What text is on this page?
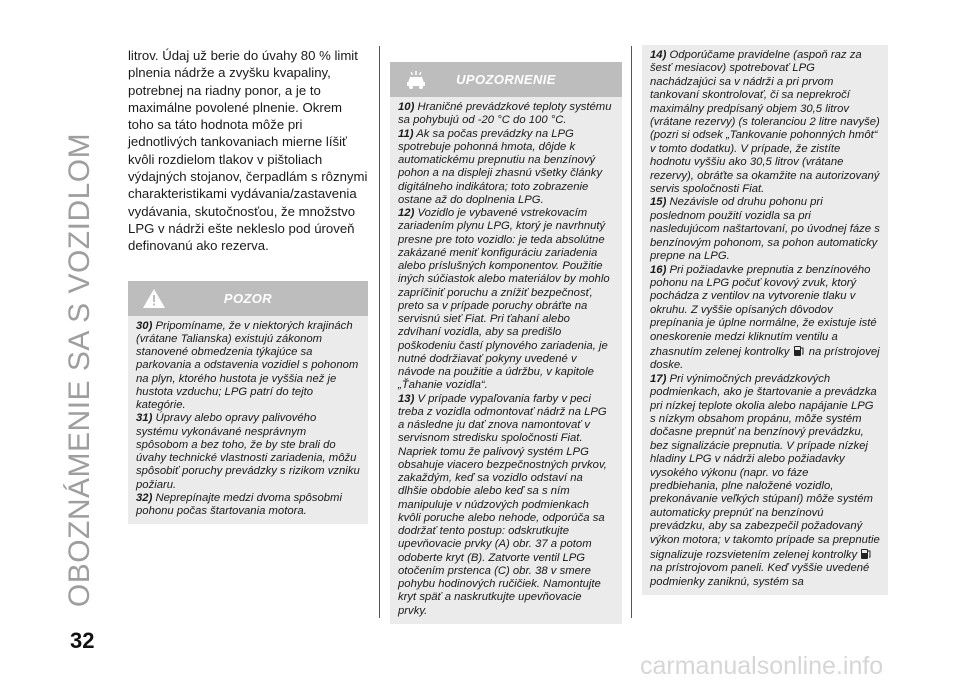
OBOZNÁMENIE SA S VOZIDLOM

litrov. Údaj už berie do úvahy 80 % limit plnenia nádrže a zvyšku kvapaliny, potrebnej na riadny ponor, a je to maximálne povolené plnenie. Okrem toho sa táto hodnota môže pri jednotlivých tankovaniach mierne líšiť kvôli rozdielom tlakov v pištoliach výdajných stojanov, čerpadlám s rôznymi charakteristikami vydávania/zastavenia vydávania, skutočnosťou, že množstvo LPG v nádrži ešte nekleslo pod úroveň definovanú ako rezerva.

POZOR

30) Pripomíname, že v niektorých krajinách (vrátane Talianska) existujú zákonom stanovené obmedzenia týkajúce sa parkovania a odstavenia vozidiel s pohonom na plyn, ktorého hustota je vyššia než je hustota vzduchu; LPG patrí do tejto kategórie.

31) Úpravy alebo opravy palivového systému vykonávané nesprávnym spôsobom a bez toho, že by ste brali do úvahy technické vlastnosti zariadenia, môžu spôsobiť poruchy prevádzky s rizikom vzniku požiaru.

32) Neprepínajte medzi dvoma spôsobmi pohonu počas štartovania motora.

UPOZORNENIE

10) Hraničné prevádzkové teploty systému sa pohybujú od -20 °C do 100 °C.

11) Ak sa počas prevádzky na LPG spotrebuje pohonná hmota, dôjde k automatickému prepnutiu na benzínový pohon a na displeji zhasnú všetky články digitálneho indikátora; toto zobrazenie ostane až do doplnenia LPG.

12) Vozidlo je vybavené vstrekovacím zariadením plynu LPG, ktorý je navrhnutý presne pre toto vozidlo: je teda absolútne zakázané meniť konfiguráciu zariadenia alebo príslušných komponentov. Použitie iných súčiastok alebo materiálov by mohlo zapríčiniť poruchu a znížiť bezpečnosť, preto sa v prípade poruchy obráťte na servisnú sieť Fiat. Pri ťahaní alebo zdvíhaní vozidla, aby sa predišlo poškodeniu častí plynového zariadenia, je nutné dodržiavať pokyny uvedené v návode na použitie a údržbu, v kapitole „Ťahanie vozidla“.

13) V prípade vypaľovania farby v peci treba z vozidla odmontovať nádrž na LPG a následne ju dať znova namontovať v servisnom stredisku spoločnosti Fiat. Napriek tomu že palivový systém LPG obsahuje viacero bezpečnostných prvkov, zakaždým, keď sa vozidlo odstaví na dlhšie obdobie alebo keď sa s ním manipuluje v núdzových podmienkach kvôli poruche alebo nehode, odporúča sa dodržať tento postup: odskrutkujte upevňovacie prvky (A) obr. 37 a potom odoberte kryt (B). Zatvorte ventil LPG otočením prstenca (C) obr. 38 v smere pohybu hodinových ručičiek. Namontujte kryt späť a naskrutkujte upevňovacie prvky.

14) Odporúčame pravidelne (aspoň raz za šesť mesiacov) spotrebovať LPG nachádzajúci sa v nádrži a pri prvom tankovaní skontrolovať, či sa neprekročí maximálny predpísaný objem 30,5 litrov (vrátane rezervy) (s toleranciou 2 litre navyše) (pozri si odsek „Tankovanie pohonných hmôt“ v tomto dodatku). V prípade, že zistíte hodnotu vyššiu ako 30,5 litrov (vrátane rezervy), obráťte sa okamžite na autorizovaný servis spoločnosti Fiat.

15) Nezávisle od druhu pohonu pri poslednom použití vozidla sa pri nasledujúcom naštartovaní, po úvodnej fáze s benzínovým pohonom, sa pohon automaticky prepne na LPG.

16) Pri požiadavke prepnutia z benzínového pohonu na LPG počuť kovový zvuk, ktorý pochádza z ventilov na vytvorenie tlaku v okruhu. Z vyššie opísaných dôvodov prepínania je úplne normálne, že existuje isté oneskorenie medzi kliknutím ventilu a zhasnutím zelenej kontrolky na prístrojovej doske.

17) Pri výnimočných prevádzkových podmienkach, ako je štartovanie a prevádzka pri nízkej teplote okolia alebo napájanie LPG s nízkym obsahom propánu, môže systém dočasne prepnúť na benzínový prevádzku, bez signalizácie prepnutia. V prípade nízkej hladiny LPG v nádrži alebo požiadavky vysokého výkonu (napr. vo fáze predbiehania, plne naložené vozidlo, prekonávanie veľkých stúpaní) môže systém automaticky prepnúť na benzínovú prevádzku, aby sa zabezpečil požadovaný výkon motora; v takomto prípade sa prepnutie signalizuje rozsvietením zelenej kontrolky  na prístrojovom paneli. Keď vyššie uvedené podmienky zaniknú, systém sa

32
carmanualsonline.info
